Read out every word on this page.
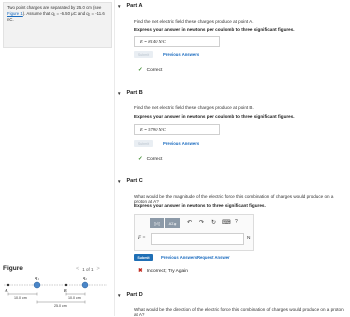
Two point charges are separated by 25.0 cm (see Figure 1). Assume that q₁ = -6.50 μC and q₂ = -11.6 nC.
Figure	< 1 of 1 >
q₁	q₂
A	B
10.0 cm	10.0 cm
25.0 cm
▼ Part A
Find the net electric field these charges produce at point A.
Express your answer in newtons per coulomb to three significant figures.
E = 8140 N/C
Submit	Previous Answers
✓ Correct
▼ Part B
Find the net electric field these charges produce at point B.
Express your answer in newtons per coulomb to three significant figures.
E = 5790 N/C
Submit	Previous Answers
✓ Correct
▼ Part C
What would be the magnitude of the electric force this combination of charges would produce on a proton at A?
Express your answer in newtons to three significant figures.
▯√▯	AΣφ	↶ ↷ ↻ ⌨ ?
F =	N
Submit	Previous Answers Request Answer
✖ Incorrect; Try Again
▼ Part D
What would be the direction of the electric force this combination of charges would produce on a proton at A?
